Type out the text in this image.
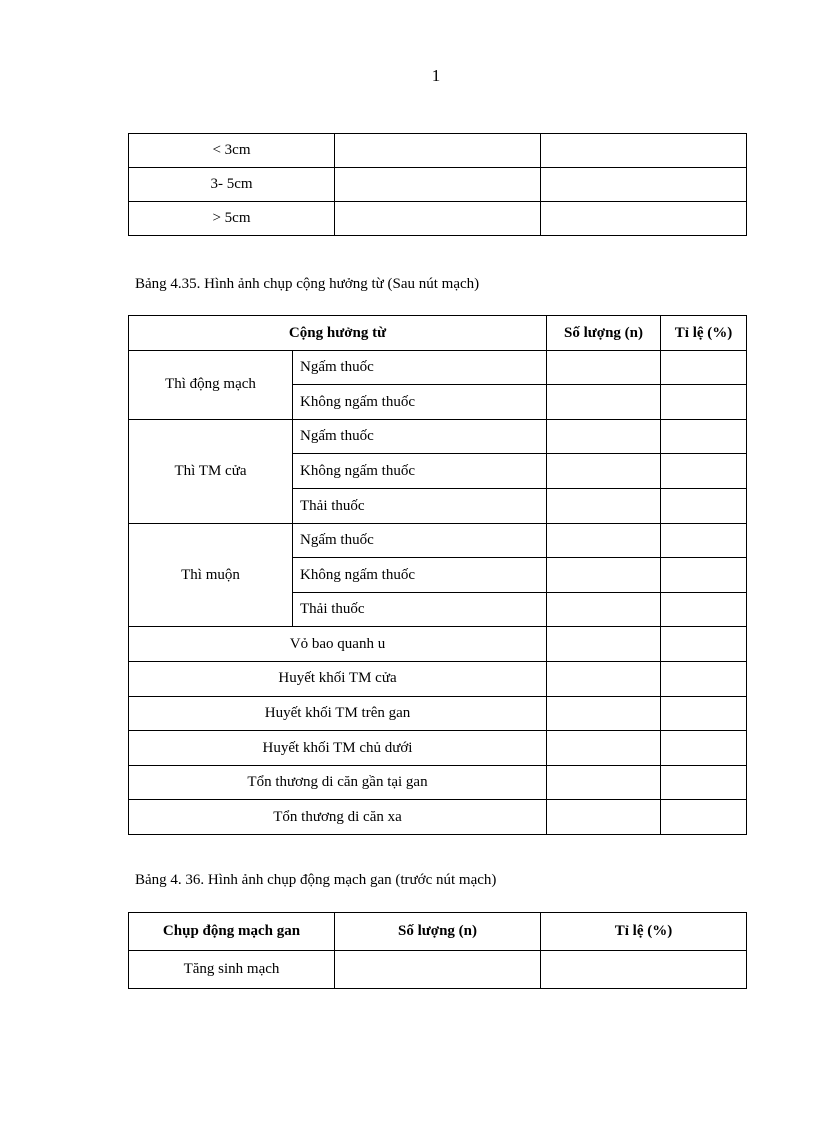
1
< 3cm		
3- 5cm		
> 5cm		
Bảng 4.35. Hình ảnh chụp cộng hưởng từ (Sau nút mạch)
Cộng hưởng từ		Số lượng (n)	Tỉ lệ (%)
Thì động mạch	Ngấm thuốc		
	Không ngấm thuốc		
Thì TM cửa	Ngấm thuốc		
	Không ngấm thuốc		
	Thải thuốc		
Thì muộn	Ngấm thuốc		
	Không ngấm thuốc		
	Thải thuốc		
Vỏ bao quanh u			
Huyết khối TM cửa			
Huyết khối TM trên gan			
Huyết khối TM chủ dưới			
Tổn thương di căn gần tại gan			
Tổn thương di căn xa			
Bảng 4. 36. Hình ảnh chụp động mạch gan (trước nút mạch)
Chụp động mạch gan	Số lượng (n)	Tỉ lệ (%)
Tăng sinh mạch		
